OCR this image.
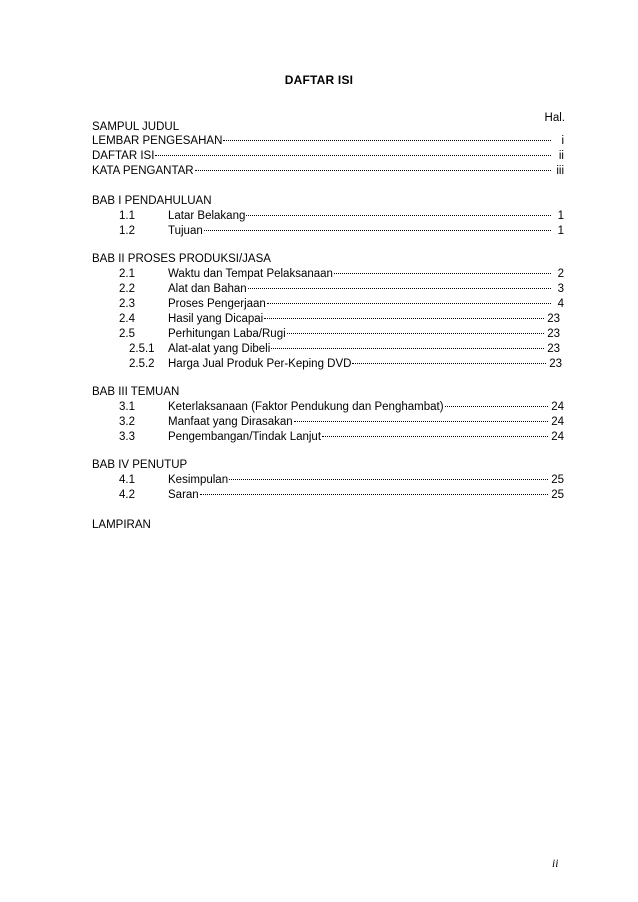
DAFTAR ISI
Hal.
SAMPUL JUDUL
LEMBAR PENGESAHAN	i
DAFTAR ISI	ii
KATA PENGANTAR	iii
BAB I PENDAHULUAN
1.1	Latar Belakang	1
1.2	Tujuan	1
BAB II PROSES PRODUKSI/JASA
2.1	Waktu dan Tempat Pelaksanaan	2
2.2	Alat dan Bahan	3
2.3	Proses Pengerjaan	4
2.4	Hasil yang Dicapai	23
2.5	Perhitungan Laba/Rugi	23
2.5.1	Alat-alat yang Dibeli	23
2.5.2	Harga Jual Produk Per-Keping DVD	23
BAB III TEMUAN
3.1	Keterlaksanaan (Faktor Pendukung dan Penghambat)	24
3.2	Manfaat yang Dirasakan	24
3.3	Pengembangan/Tindak Lanjut	24
BAB IV PENUTUP
4.1	Kesimpulan	25
4.2	Saran	25
LAMPIRAN
ii
